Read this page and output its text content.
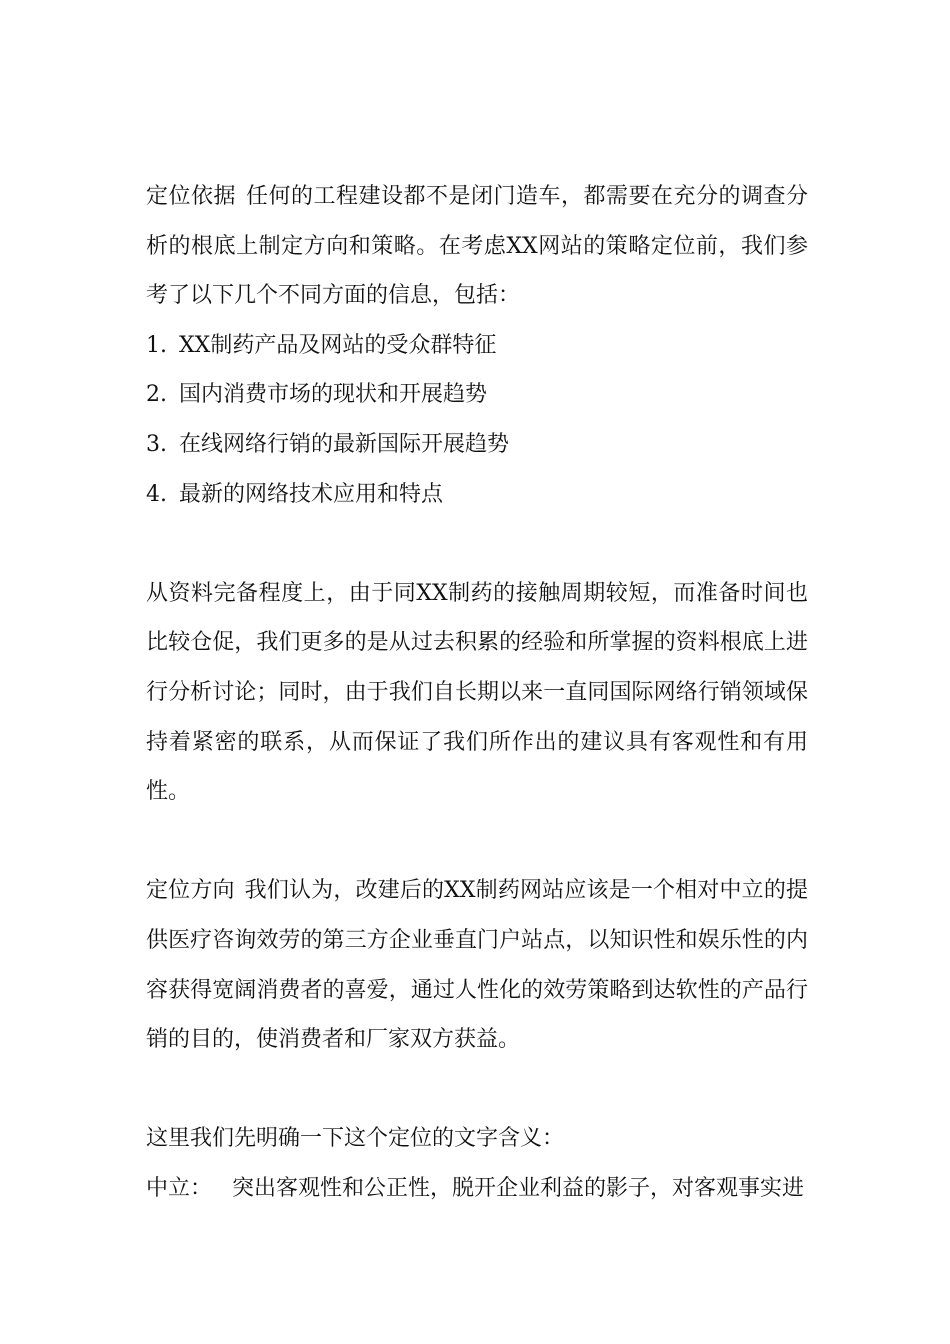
定位依据 任何的工程建设都不是闭门造车，都需要在充分的调查分析的根底上制定方向和策略。在考虑XX网站的策略定位前，我们参考了以下几个不同方面的信息，包括：

1. XX制药产品及网站的受众群特征
2. 国内消费市场的现状和开展趋势
3. 在线网络行销的最新国际开展趋势
4. 最新的网络技术应用和特点

从资料完备程度上，由于同XX制药的接触周期较短，而准备时间也比较仓促，我们更多的是从过去积累的经验和所掌握的资料根底上进行分析讨论；同时，由于我们自长期以来一直同国际网络行销领域保持着紧密的联系，从而保证了我们所作出的建议具有客观性和有用性。

定位方向 我们认为，改建后的XX制药网站应该是一个相对中立的提供医疗咨询效劳的第三方企业垂直门户站点，以知识性和娱乐性的内容获得宽阔消费者的喜爱，通过人性化的效劳策略到达软性的产品行销的目的，使消费者和厂家双方获益。

这里我们先明确一下这个定位的文字含义：

中立： 突出客观性和公正性，脱开企业利益的影子，对客观事实进
